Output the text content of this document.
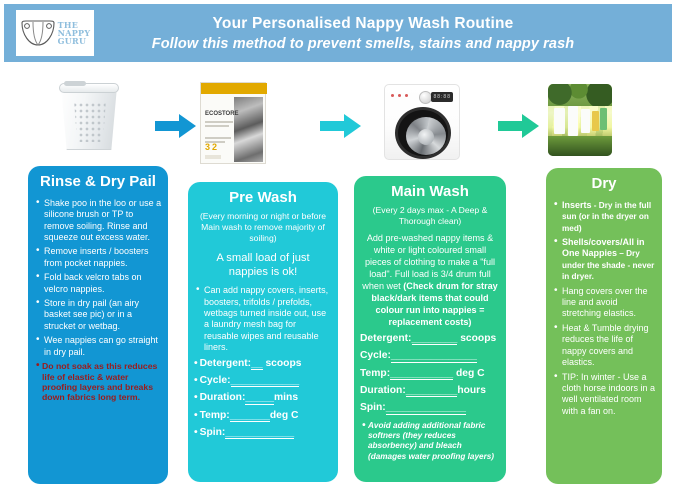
THE
NAPPY
GURU
Your Personalised Nappy Wash Routine
Follow this method to prevent smells, stains and nappy rash
ECOSTORE
32
88:88
Rinse & Dry Pail
• Shake poo in the loo or use a silicone brush or TP to remove soiling. Rinse and squeeze out excess water.
• Remove inserts / boosters from pocket nappies.
• Fold back velcro tabs on velcro nappies.
• Store in dry pail (an airy basket see pic) or in a strucket or wetbag.
• Wee nappies can go straight in dry pail.
• Do not soak as this reduces life of elastic & water proofing layers and breaks down fabrics long term.
Pre Wash
(Every morning or night or before Main wash to remove majority of soiling)
A small load of just nappies is ok!
• Can add nappy covers, inserts, boosters, trifolds / prefolds, wetbags turned inside out, use a laundry mesh bag for reusable wipes and reusable liners.
• Detergent:__ scoops
• Cycle:____________
• Duration:_____mins
• Temp:_______deg C
• Spin:____________
Main Wash
(Every 2 days max - A Deep & Thorough clean)
Add pre-washed nappy items & white or light coloured small pieces of clothing to make a "full load". Full load is 3/4 drum full when wet (Check drum for stray black/dark items that could colour run into nappies = replacement costs)
Detergent:________ scoops
Cycle:_______________
Temp:___________ deg C
Duration:_________hours
Spin:______________
• Avoid adding additional fabric softners (they reduces absorbency) and bleach (damages water proofing layers)
Dry
• Inserts - Dry in the full sun (or in the dryer on med)
• Shells/covers/All in One Nappies – Dry under the shade - never in dryer.
• Hang covers over the line and avoid stretching elastics.
• Heat & Tumble drying reduces the life of nappy covers and elastics.
• TIP: In winter - Use a cloth horse indoors in a well ventilated room with a fan on.
